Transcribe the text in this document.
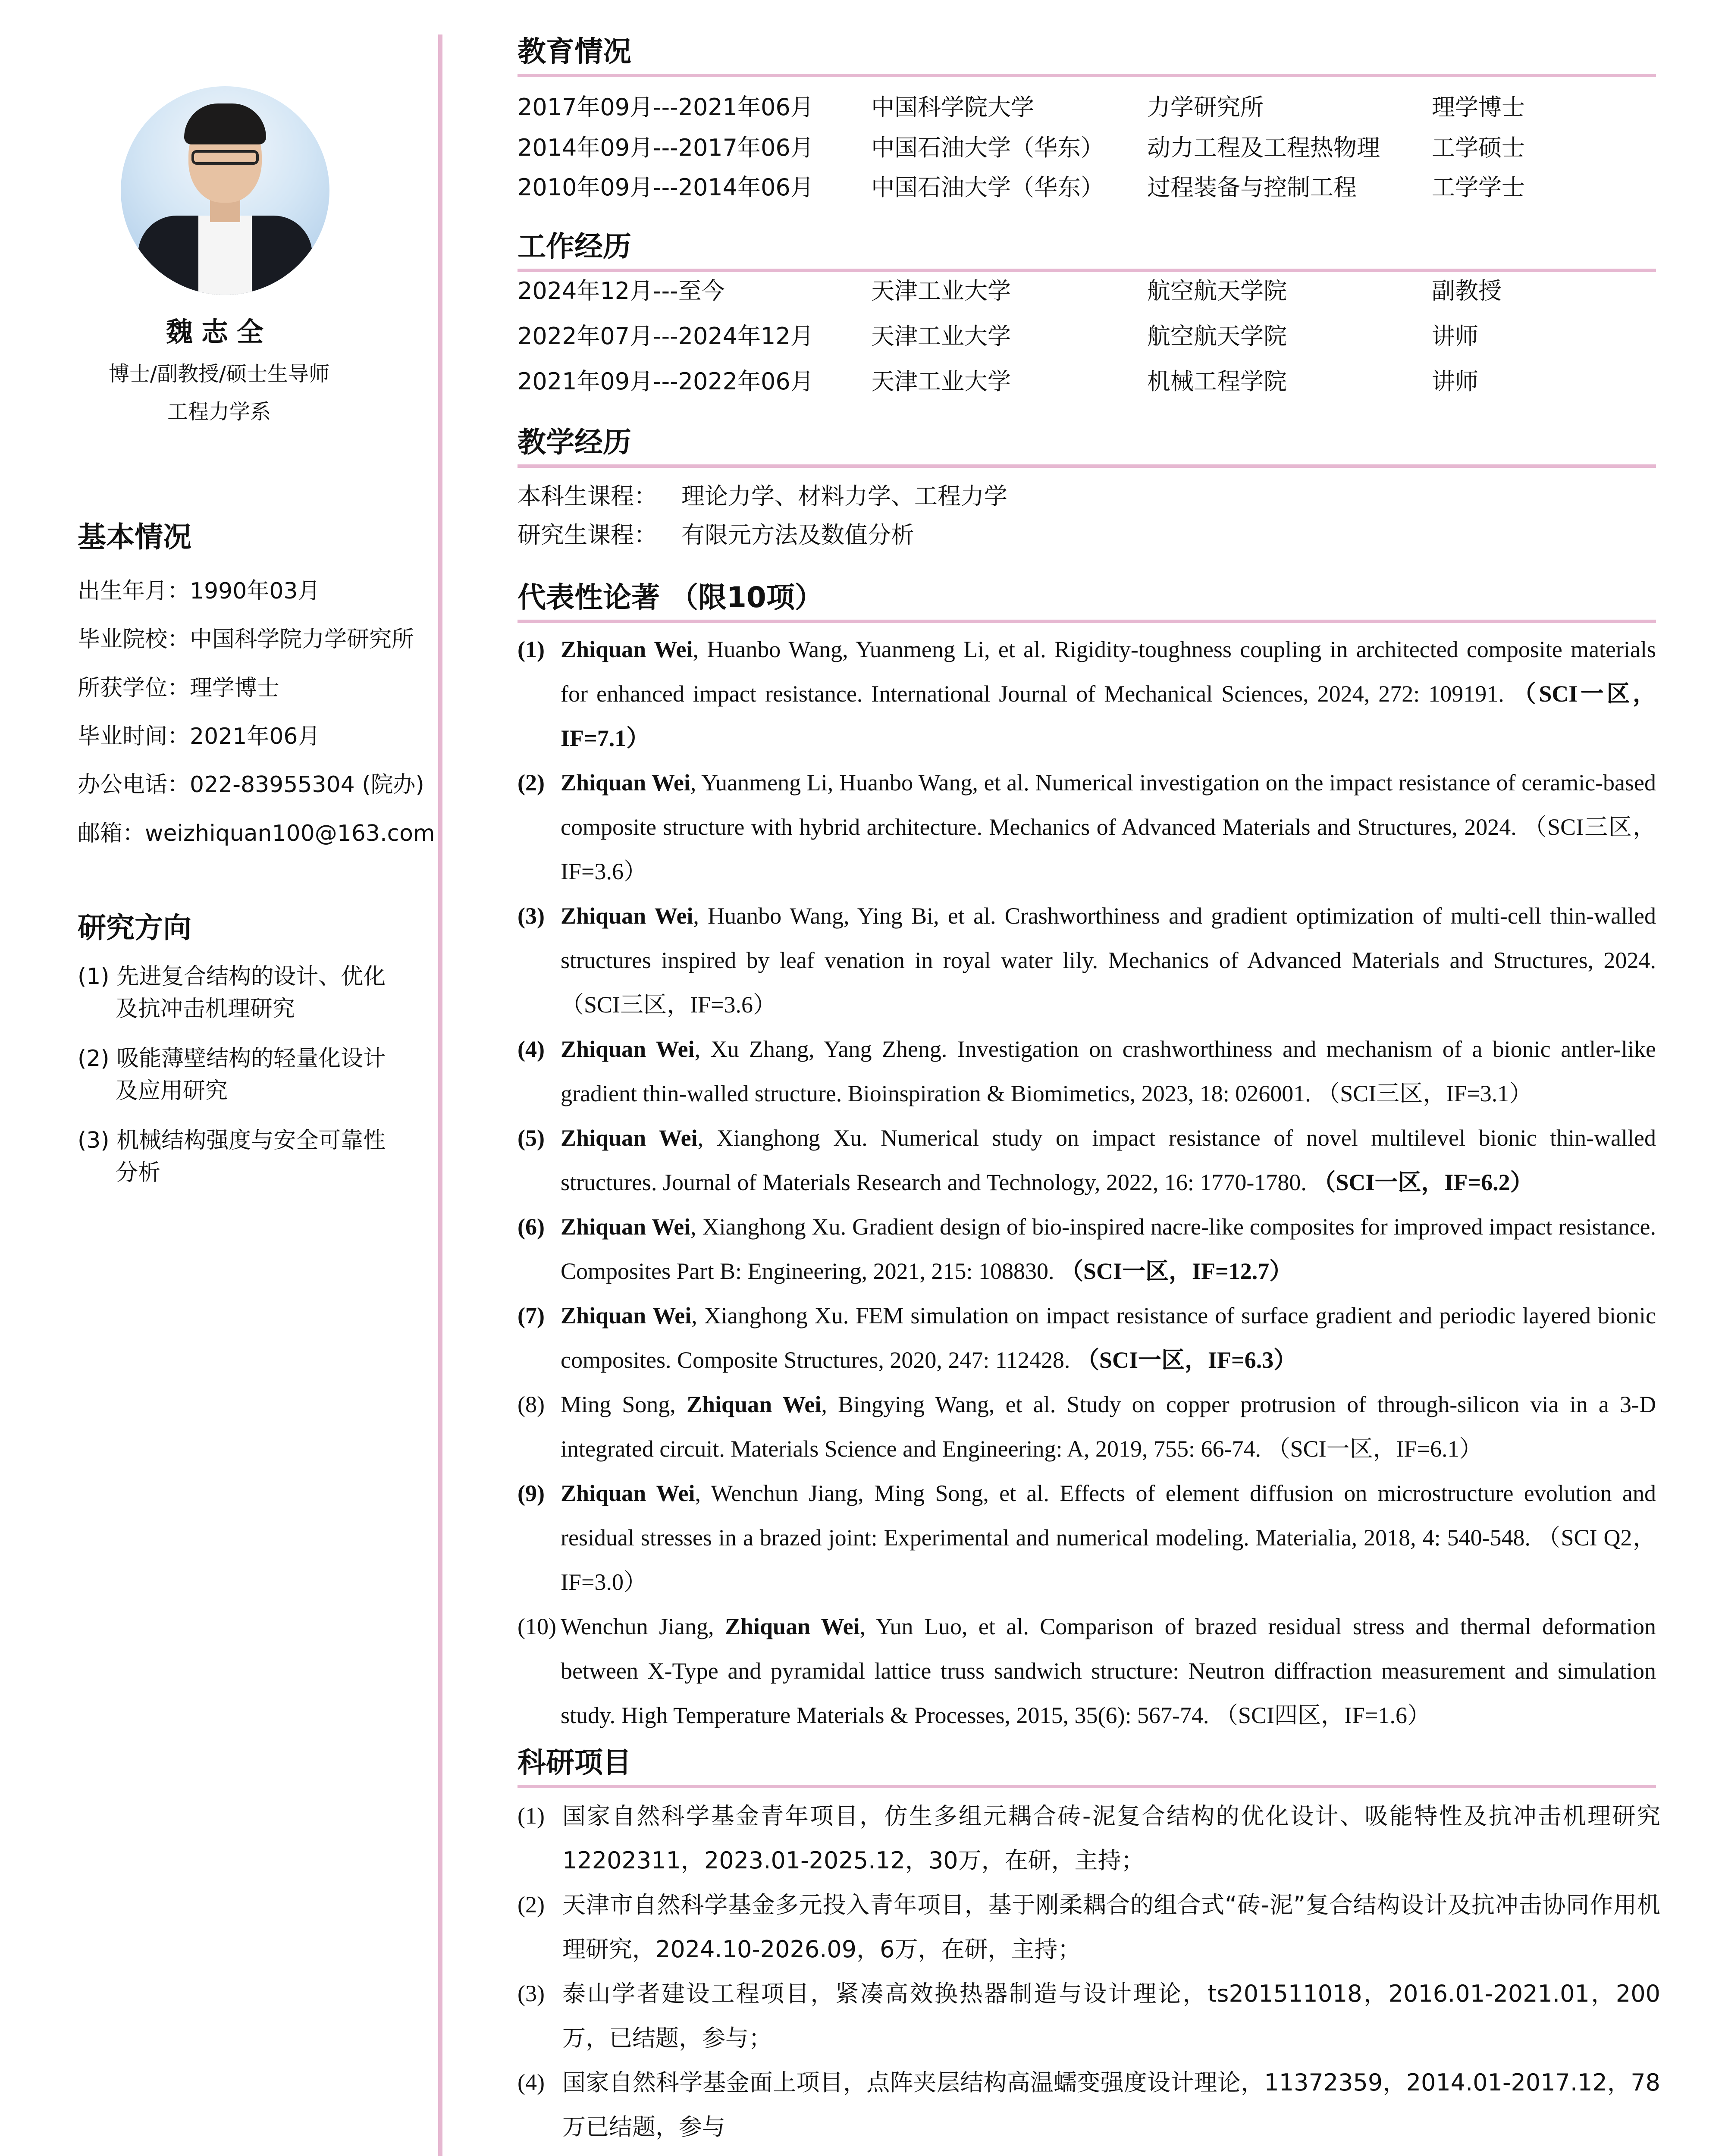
魏志全
博士/副教授/硕士生导师
工程力学系
基本情况
出生年月：1990年03月
毕业院校：中国科学院力学研究所
所获学位：理学博士
毕业时间：2021年06月
办公电话：022-83955304 (院办)
邮箱：weizhiquan100@163.com
研究方向
(1) 先进复合结构的设计、优化
及抗冲击机理研究
(2) 吸能薄壁结构的轻量化设计
及应用研究
(3) 机械结构强度与安全可靠性
分析
教育情况
2017年09月---2021年06月 中国科学院大学	力学研究所	理学博士
2014年09月---2017年06月 中国石油大学（华东） 动力工程及工程热物理 工学硕士
2010年09月---2014年06月 中国石油大学（华东） 过程装备与控制工程	工学学士
工作经历
2024年12月---至今	天津工业大学	航空航天学院	副教授
2022年07月---2024年12月 天津工业大学	航空航天学院	讲师
2021年09月---2022年06月 天津工业大学	机械工程学院	讲师
教学经历
本科生课程： 理论力学、材料力学、工程力学
研究生课程： 有限元方法及数值分析
代表性论著 （限10项）
(1) Zhiquan Wei, Huanbo Wang, Yuanmeng Li, et al. Rigidity-toughness coupling in architected composite materials for enhanced impact resistance. International Journal of Mechanical Sciences, 2024, 272: 109191. （SCI一区，IF=7.1）
(2) Zhiquan Wei, Yuanmeng Li, Huanbo Wang, et al. Numerical investigation on the impact resistance of ceramic-based composite structure with hybrid architecture. Mechanics of Advanced Materials and Structures, 2024. （SCI三区，IF=3.6）
(3) Zhiquan Wei, Huanbo Wang, Ying Bi, et al. Crashworthiness and gradient optimization of multi-cell thin-walled structures inspired by leaf venation in royal water lily. Mechanics of Advanced Materials and Structures, 2024. （SCI三区，IF=3.6）
(4) Zhiquan Wei, Xu Zhang, Yang Zheng. Investigation on crashworthiness and mechanism of a bionic antler-like gradient thin-walled structure. Bioinspiration & Biomimetics, 2023, 18: 026001. （SCI三区，IF=3.1）
(5) Zhiquan Wei, Xianghong Xu. Numerical study on impact resistance of novel multilevel bionic thin-walled structures. Journal of Materials Research and Technology, 2022, 16: 1770-1780. （SCI一区，IF=6.2）
(6) Zhiquan Wei, Xianghong Xu. Gradient design of bio-inspired nacre-like composites for improved impact resistance. Composites Part B: Engineering, 2021, 215: 108830. （SCI一区，IF=12.7）
(7) Zhiquan Wei, Xianghong Xu. FEM simulation on impact resistance of surface gradient and periodic layered bionic composites. Composite Structures, 2020, 247: 112428. （SCI一区，IF=6.3）
(8) Ming Song, Zhiquan Wei, Bingying Wang, et al. Study on copper protrusion of through-silicon via in a 3-D integrated circuit. Materials Science and Engineering: A, 2019, 755: 66-74. （SCI一区，IF=6.1）
(9) Zhiquan Wei, Wenchun Jiang, Ming Song, et al. Effects of element diffusion on microstructure evolution and residual stresses in a brazed joint: Experimental and numerical modeling. Materialia, 2018, 4: 540-548. （SCI Q2，IF=3.0）
(10) Wenchun Jiang, Zhiquan Wei, Yun Luo, et al. Comparison of brazed residual stress and thermal deformation between X-Type and pyramidal lattice truss sandwich structure: Neutron diffraction measurement and simulation study. High Temperature Materials & Processes, 2015, 35(6): 567-74. （SCI四区，IF=1.6）
科研项目
(1) 国家自然科学基金青年项目，仿生多组元耦合砖-泥复合结构的优化设计、吸能特性及抗冲击机理研究 12202311，2023.01-2025.12，30万，在研，主持；
(2) 天津市自然科学基金多元投入青年项目，基于刚柔耦合的组合式“砖-泥”复合结构设计及抗冲击协同作用机理研究，2024.10-2026.09，6万，在研，主持；
(3) 泰山学者建设工程项目，紧凑高效换热器制造与设计理论，ts201511018，2016.01-2021.01，200万，已结题，参与；
(4) 国家自然科学基金面上项目，点阵夹层结构高温蠕变强度设计理论，11372359，2014.01-2017.12，78万已结题，参与
